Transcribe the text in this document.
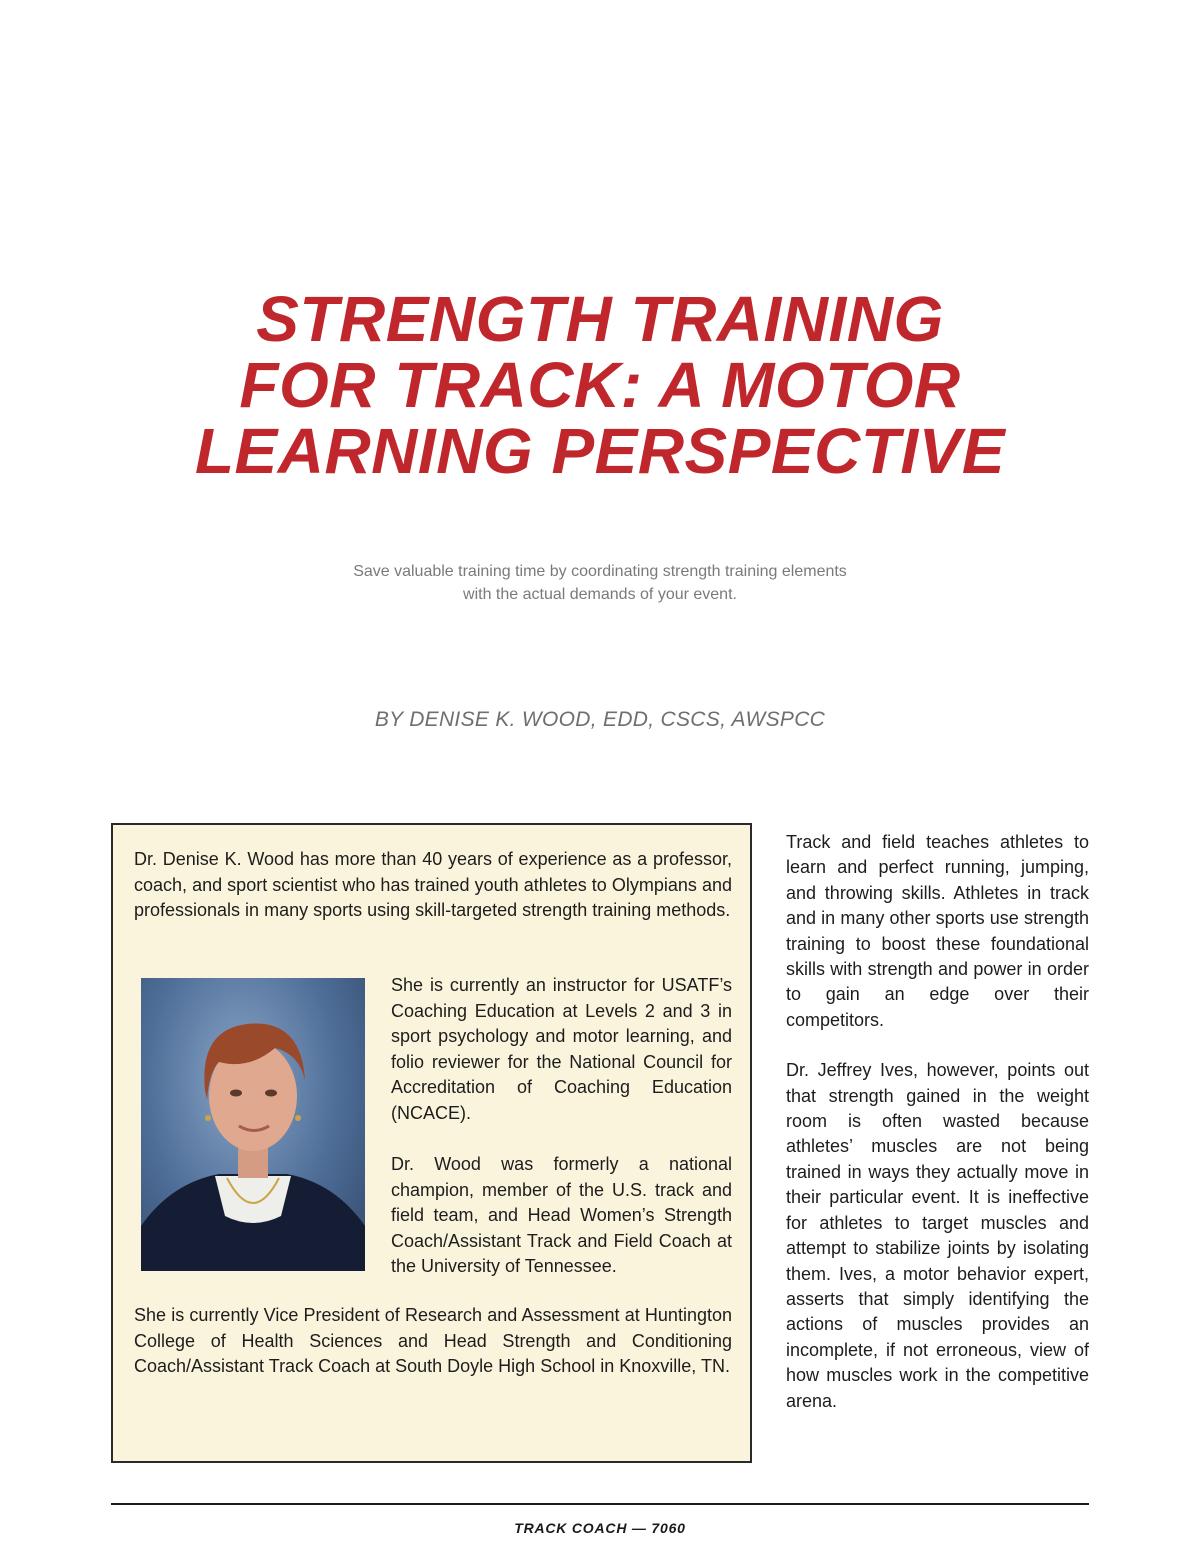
STRENGTH TRAINING
FOR TRACK: A MOTOR
LEARNING PERSPECTIVE
Save valuable training time by coordinating strength training elements
with the actual demands of your event.
BY DENISE K. WOOD, EDD, CSCS, AWSPCC

Dr. Denise K. Wood has more than 40 years of experience as a professor, coach, and sport scientist who has trained youth athletes to Olympians and professionals in many sports using skill-targeted strength training methods.

She is currently an instructor for USATF’s Coaching Education at Levels 2 and 3 in sport psychology and motor learning, and folio reviewer for the National Council for Accreditation of Coaching Education (NCACE).

Dr. Wood was formerly a national champion, member of the U.S. track and field team, and Head Women’s Strength Coach/Assistant Track and Field Coach at the University of Tennessee.

She is currently Vice President of Research and Assessment at Huntington College of Health Sciences and Head Strength and Conditioning Coach/Assistant Track Coach at South Doyle High School in Knoxville, TN.

Track and field teaches athletes to learn and perfect running, jumping, and throwing skills. Athletes in track and in many other sports use strength training to boost these foundational skills with strength and power in order to gain an edge over their competitors.

Dr. Jeffrey Ives, however, points out that strength gained in the weight room is often wasted because athletes’ muscles are not being trained in ways they actually move in their particular event. It is ineffective for athletes to target muscles and attempt to stabilize joints by isolating them. Ives, a motor behavior expert, asserts that simply identifying the actions of muscles provides an incomplete, if not erroneous, view of how muscles work in the competitive arena.

TRACK COACH — 7060
